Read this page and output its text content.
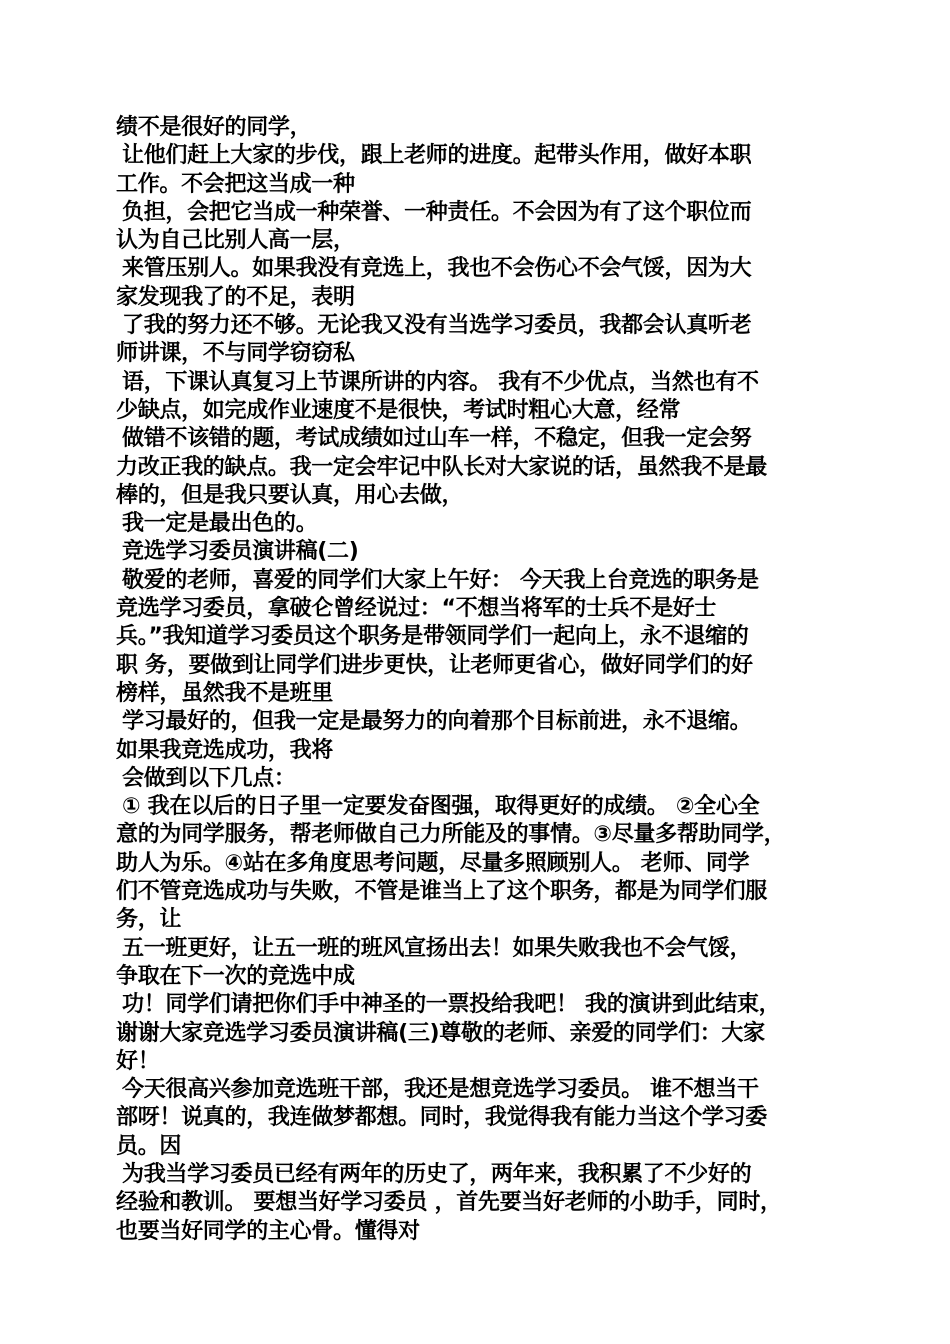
绩不是很好的同学，
让他们赶上大家的步伐，跟上老师的进度。起带头作用，做好本职
工作。不会把这当成一种
负担，会把它当成一种荣誉、一种责任。不会因为有了这个职位而
认为自己比别人高一层，
来管压别人。如果我没有竞选上，我也不会伤心不会气馁，因为大
家发现我了的不足，表明
了我的努力还不够。无论我又没有当选学习委员，我都会认真听老
师讲课，不与同学窃窃私
语，下课认真复习上节课所讲的内容。 我有不少优点，当然也有不
少缺点，如完成作业速度不是很快，考试时粗心大意，经常
做错不该错的题，考试成绩如过山车一样，不稳定，但我一定会努
力改正我的缺点。我一定会牢记中队长对大家说的话，虽然我不是最
棒的，但是我只要认真，用心去做，
我一定是最出色的。
竞选学习委员演讲稿(二)
敬爱的老师，喜爱的同学们大家上午好： 今天我上台竞选的职务是
竞选学习委员，拿破仑曾经说过：“不想当将军的士兵不是好士
兵。”我知道学习委员这个职务是带领同学们一起向上，永不退缩的
职 务，要做到让同学们进步更快，让老师更省心，做好同学们的好
榜样，虽然我不是班里
学习最好的，但我一定是最努力的向着那个目标前进，永不退缩。
如果我竞选成功，我将
会做到以下几点：
① 我在以后的日子里一定要发奋图强，取得更好的成绩。 ②全心全
意的为同学服务，帮老师做自己力所能及的事情。③尽量多帮助同学，
助人为乐。④站在多角度思考问题，尽量多照顾别人。 老师、同学
们不管竞选成功与失败，不管是谁当上了这个职务，都是为同学们服
务，让
五一班更好，让五一班的班风宣扬出去！如果失败我也不会气馁，
争取在下一次的竞选中成
功！同学们请把你们手中神圣的一票投给我吧！ 我的演讲到此结束，
谢谢大家竞选学习委员演讲稿(三)尊敬的老师、亲爱的同学们：大家
好！
今天很高兴参加竞选班干部，我还是想竞选学习委员。 谁不想当干
部呀！说真的，我连做梦都想。同时，我觉得我有能力当这个学习委
员。因
为我当学习委员已经有两年的历史了，两年来，我积累了不少好的
经验和教训。 要想当好学习委员 ，首先要当好老师的小助手，同时，
也要当好同学的主心骨。懂得对
